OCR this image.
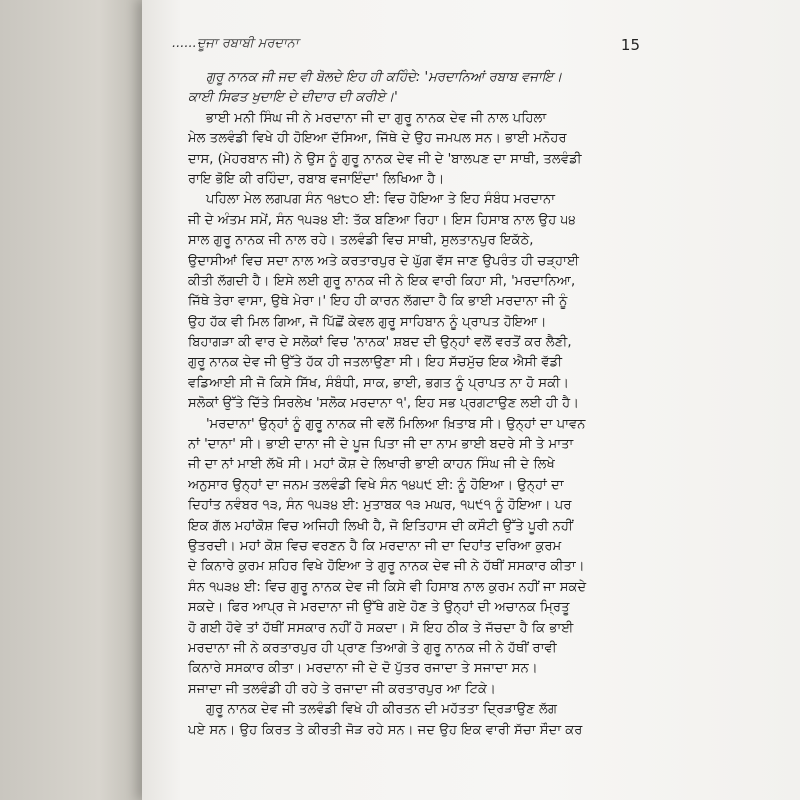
......ਦੂਜਾ ਰਬਾਬੀ ਮਰਦਾਨਾ	15
ਗੁਰੂ ਨਾਨਕ ਜੀ ਜਦ ਵੀ ਬੋਲਦੇ ਇਹ ਹੀ ਕਹਿੰਦੇ: 'ਮਰਦਾਨਿਆਂ ਰਬਾਬ ਵਜਾਇ।
ਕਾਈ ਸਿਫਤ ਖੁਦਾਇ ਦੇ ਦੀਦਾਰ ਦੀ ਕਰੀਏ।'
ਭਾਈ ਮਨੀ ਸਿੰਘ ਜੀ ਨੇ ਮਰਦਾਨਾ ਜੀ ਦਾ ਗੁਰੂ ਨਾਨਕ ਦੇਵ ਜੀ ਨਾਲ ਪਹਿਲਾ
ਮੇਲ ਤਲਵੰਡੀ ਵਿਖੇ ਹੀ ਹੋਇਆ ਦੱਸਿਆ, ਜਿੱਥੇ ਦੇ ਉਹ ਜਮਪਲ ਸਨ। ਭਾਈ ਮਨੋਹਰ
ਦਾਸ, (ਮੇਹਰਬਾਨ ਜੀ) ਨੇ ਉਸ ਨੂੰ ਗੁਰੂ ਨਾਨਕ ਦੇਵ ਜੀ ਦੇ 'ਬਾਲਪਣ ਦਾ ਸਾਥੀ, ਤਲਵੰਡੀ
ਰਾਇ ਭੋਇ ਕੀ ਰਹਿੰਦਾ, ਰਬਾਬ ਵਜਾਇੰਦਾ' ਲਿਖਿਆ ਹੈ।
ਪਹਿਲਾ ਮੇਲ ਲਗਪਗ ਸੰਨ ੧੪੮੦ ਈ: ਵਿਚ ਹੋਇਆ ਤੇ ਇਹ ਸੰਬੰਧ ਮਰਦਾਨਾ
ਜੀ ਦੇ ਅੰਤਮ ਸਮੇਂ, ਸੰਨ ੧੫੩੪ ਈ: ਤੱਕ ਬਣਿਆ ਰਿਹਾ। ਇਸ ਹਿਸਾਬ ਨਾਲ ਉਹ ੫੪
ਸਾਲ ਗੁਰੂ ਨਾਨਕ ਜੀ ਨਾਲ ਰਹੇ। ਤਲਵੰਡੀ ਵਿਚ ਸਾਥੀ, ਸੁਲਤਾਨਪੁਰ ਇਕੱਠੇ,
ਉਦਾਸੀਆਂ ਵਿਚ ਸਦਾ ਨਾਲ ਅਤੇ ਕਰਤਾਰਪੁਰ ਦੇ ਘੁੱਗ ਵੱਸ ਜਾਣ ਉਪਰੰਤ ਹੀ ਚੜ੍ਹਾਈ
ਕੀਤੀ ਲੱਗਦੀ ਹੈ। ਇਸੇ ਲਈ ਗੁਰੂ ਨਾਨਕ ਜੀ ਨੇ ਇਕ ਵਾਰੀ ਕਿਹਾ ਸੀ, 'ਮਰਦਾਨਿਆ,
ਜਿੱਥੇ ਤੇਰਾ ਵਾਸਾ, ਉਥੇ ਮੇਰਾ।' ਇਹ ਹੀ ਕਾਰਨ ਲੱਗਦਾ ਹੈ ਕਿ ਭਾਈ ਮਰਦਾਨਾ ਜੀ ਨੂੰ
ਉਹ ਹੱਕ ਵੀ ਮਿਲ ਗਿਆ, ਜੋ ਪਿੱਛੋਂ ਕੇਵਲ ਗੁਰੂ ਸਾਹਿਬਾਨ ਨੂੰ ਪ੍ਰਾਪਤ ਹੋਇਆ।
ਬਿਹਾਗੜਾ ਕੀ ਵਾਰ ਦੇ ਸਲੋਕਾਂ ਵਿਚ 'ਨਾਨਕ' ਸ਼ਬਦ ਦੀ ਉਨ੍ਹਾਂ ਵਲੋਂ ਵਰਤੋਂ ਕਰ ਲੈਣੀ,
ਗੁਰੂ ਨਾਨਕ ਦੇਵ ਜੀ ਉੱਤੇ ਹੱਕ ਹੀ ਜਤਲਾਉਣਾ ਸੀ। ਇਹ ਸੱਚਮੁੱਚ ਇਕ ਐਸੀ ਵੱਡੀ
ਵਡਿਆਈ ਸੀ ਜੋ ਕਿਸੇ ਸਿੱਖ, ਸੰਬੰਧੀ, ਸਾਕ, ਭਾਈ, ਭਗਤ ਨੂੰ ਪ੍ਰਾਪਤ ਨਾ ਹੋ ਸਕੀ।
ਸਲੋਕਾਂ ਉੱਤੇ ਦਿੱਤੇ ਸਿਰਲੇਖ 'ਸਲੋਕ ਮਰਦਾਨਾ ੧', ਇਹ ਸਭ ਪ੍ਰਗਟਾਉਣ ਲਈ ਹੀ ਹੈ।
'ਮਰਦਾਨਾ' ਉਨ੍ਹਾਂ ਨੂੰ ਗੁਰੂ ਨਾਨਕ ਜੀ ਵਲੋਂ ਮਿਲਿਆ ਖ਼ਿਤਾਬ ਸੀ। ਉਨ੍ਹਾਂ ਦਾ ਪਾਵਨ
ਨਾਂ 'ਦਾਨਾ' ਸੀ। ਭਾਈ ਦਾਨਾ ਜੀ ਦੇ ਪੂਜ ਪਿਤਾ ਜੀ ਦਾ ਨਾਮ ਭਾਈ ਬਦਰੇ ਸੀ ਤੇ ਮਾਤਾ
ਜੀ ਦਾ ਨਾਂ ਮਾਈ ਲੱਖੋ ਸੀ। ਮਹਾਂ ਕੋਸ਼ ਦੇ ਲਿਖਾਰੀ ਭਾਈ ਕਾਹਨ ਸਿੰਘ ਜੀ ਦੇ ਲਿਖੇ
ਅਨੁਸਾਰ ਉਨ੍ਹਾਂ ਦਾ ਜਨਮ ਤਲਵੰਡੀ ਵਿਖੇ ਸੰਨ ੧੪੫੯ ਈ: ਨੂੰ ਹੋਇਆ। ਉਨ੍ਹਾਂ ਦਾ
ਦਿਹਾਂਤ ਨਵੰਬਰ ੧੩, ਸੰਨ ੧੫੩੪ ਈ: ਮੁਤਾਬਕ ੧੩ ਮਘਰ, ੧੫੯੧ ਨੂੰ ਹੋਇਆ। ਪਰ
ਇਕ ਗੱਲ ਮਹਾਂਕੋਸ਼ ਵਿਚ ਅਜਿਹੀ ਲਿਖੀ ਹੈ, ਜੋ ਇਤਿਹਾਸ ਦੀ ਕਸੌਟੀ ਉੱਤੇ ਪੂਰੀ ਨਹੀਂ
ਉਤਰਦੀ। ਮਹਾਂ ਕੋਸ਼ ਵਿਚ ਵਰਣਨ ਹੈ ਕਿ ਮਰਦਾਨਾ ਜੀ ਦਾ ਦਿਹਾਂਤ ਦਰਿਆ ਕੁਰਮ
ਦੇ ਕਿਨਾਰੇ ਕੁਰਮ ਸ਼ਹਿਰ ਵਿਖੇ ਹੋਇਆ ਤੇ ਗੁਰੂ ਨਾਨਕ ਦੇਵ ਜੀ ਨੇ ਹੱਥੀਂ ਸਸਕਾਰ ਕੀਤਾ।
ਸੰਨ ੧੫੩੪ ਈ: ਵਿਚ ਗੁਰੂ ਨਾਨਕ ਦੇਵ ਜੀ ਕਿਸੇ ਵੀ ਹਿਸਾਬ ਨਾਲ ਕੁਰਮ ਨਹੀਂ ਜਾ ਸਕਦੇ
ਸਕਦੇ। ਫਿਰ ਆਪ੍ਰ ਜੇ ਮਰਦਾਨਾ ਜੀ ਉੱਥੇ ਗਏ ਹੋਣ ਤੇ ਉਨ੍ਹਾਂ ਦੀ ਅਚਾਨਕ ਮ੍ਰਿਤੂ
ਹੋ ਗਈ ਹੋਵੇ ਤਾਂ ਹੱਥੀਂ ਸਸਕਾਰ ਨਹੀਂ ਹੋ ਸਕਦਾ। ਸੋ ਇਹ ਠੀਕ ਤੇ ਜੱਚਦਾ ਹੈ ਕਿ ਭਾਈ
ਮਰਦਾਨਾ ਜੀ ਨੇ ਕਰਤਾਰਪੁਰ ਹੀ ਪ੍ਰਾਣ ਤਿਆਗੇ ਤੇ ਗੁਰੂ ਨਾਨਕ ਜੀ ਨੇ ਹੱਥੀਂ ਰਾਵੀ
ਕਿਨਾਰੇ ਸਸਕਾਰ ਕੀਤਾ। ਮਰਦਾਨਾ ਜੀ ਦੇ ਦੋ ਪੁੱਤਰ ਰਜਾਦਾ ਤੇ ਸਜਾਦਾ ਸਨ।
ਸਜਾਦਾ ਜੀ ਤਲਵੰਡੀ ਹੀ ਰਹੇ ਤੇ ਰਜਾਦਾ ਜੀ ਕਰਤਾਰਪੁਰ ਆ ਟਿਕੇ।
ਗੁਰੂ ਨਾਨਕ ਦੇਵ ਜੀ ਤਲਵੰਡੀ ਵਿਖੇ ਹੀ ਕੀਰਤਨ ਦੀ ਮਹੱਤਤਾ ਦ੍ਰਿੜਾਉਣ ਲੱਗ
ਪਏ ਸਨ। ਉਹ ਕਿਰਤ ਤੇ ਕੀਰਤੀ ਜੋੜ ਰਹੇ ਸਨ। ਜਦ ਉਹ ਇਕ ਵਾਰੀ ਸੱਚਾ ਸੌਦਾ ਕਰ
